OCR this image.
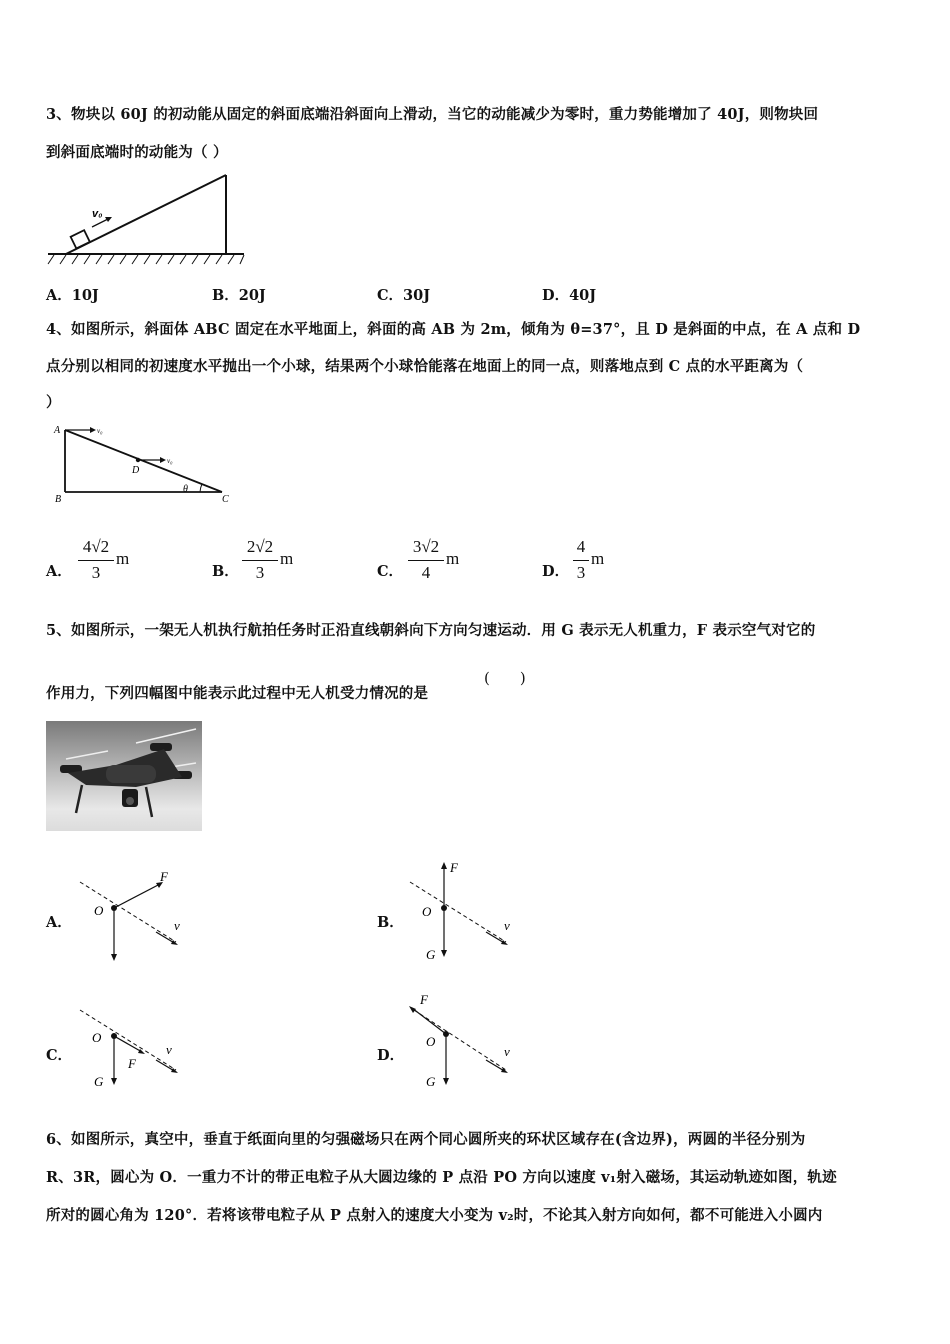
3、物块以 60J 的初动能从固定的斜面底端沿斜面向上滑动，当它的动能减少为零时，重力势能增加了 40J，则物块回
到斜面底端时的动能为（ ）
v₀
A．10J	B．20J	C．30J	D．40J
4、如图所示，斜面体 ABC 固定在水平地面上，斜面的高 AB 为 2m，倾角为 θ=37°，且 D 是斜面的中点，在 A 点和 D
点分别以相同的初速度水平抛出一个小球，结果两个小球恰能落在地面上的同一点，则落地点到 C 点的水平距离为（
）
A
B	C
D
θ
v₀
v₀
A．
4√2
3
m
B．
2√2
3
m
C．
3√2
4
m
D．
4
3
m
5、如图所示，一架无人机执行航拍任务时正沿直线朝斜向下方向匀速运动．用 G 表示无人机重力，F 表示空气对它的
作用力，下列四幅图中能表示此过程中无人机受力情况的是
(　　)
A．
O
F
v	B．
O
F
G
v
C．
O
F
G
v	D．
O
F
G
v
6、如图所示，真空中，垂直于纸面向里的匀强磁场只在两个同心圆所夹的环状区域存在(含边界)，两圆的半径分别为
R、3R，圆心为 O．一重力不计的带正电粒子从大圆边缘的 P 点沿 PO 方向以速度 v₁射入磁场，其运动轨迹如图，轨迹
所对的圆心角为 120°．若将该带电粒子从 P 点射入的速度大小变为 v₂时，不论其入射方向如何，都不可能进入小圆内
